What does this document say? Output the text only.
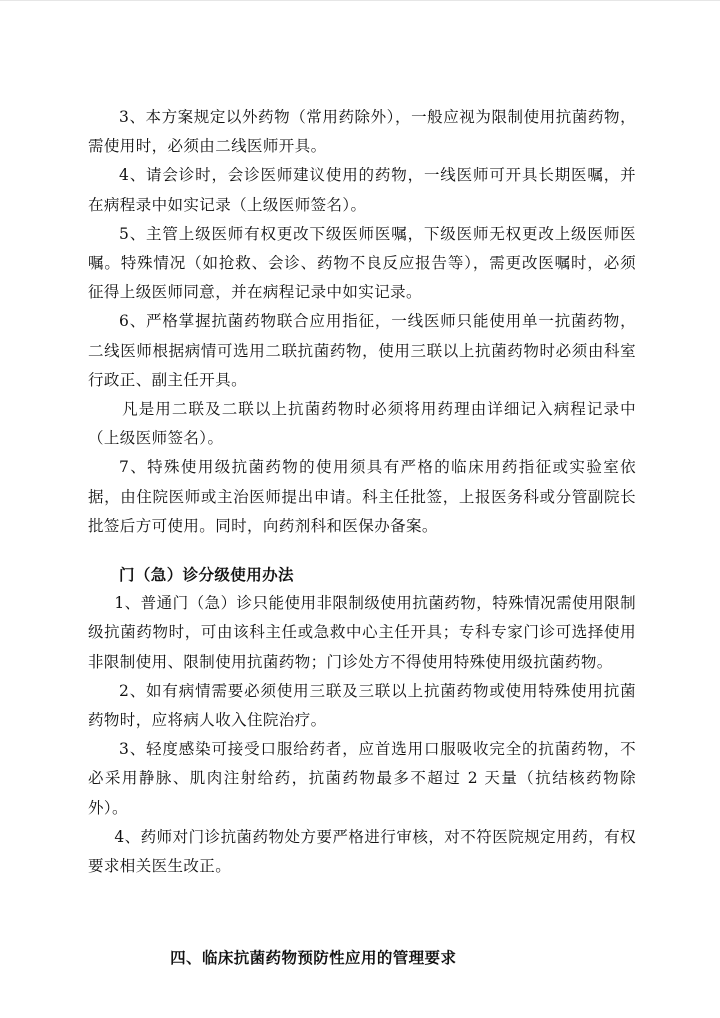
3、本方案规定以外药物（常用药除外），一般应视为限制使用抗菌药物，需使用时，必须由二线医师开具。

4、请会诊时，会诊医师建议使用的药物，一线医师可开具长期医嘱，并在病程录中如实记录（上级医师签名）。

5、主管上级医师有权更改下级医师医嘱，下级医师无权更改上级医师医嘱。特殊情况（如抢救、会诊、药物不良反应报告等），需更改医嘱时，必须征得上级医师同意，并在病程记录中如实记录。

6、严格掌握抗菌药物联合应用指征，一线医师只能使用单一抗菌药物，二线医师根据病情可选用二联抗菌药物，使用三联以上抗菌药物时必须由科室行政正、副主任开具。

凡是用二联及二联以上抗菌药物时必须将用药理由详细记入病程记录中（上级医师签名）。

7、特殊使用级抗菌药物的使用须具有严格的临床用药指征或实验室依据，由住院医师或主治医师提出申请。科主任批签，上报医务科或分管副院长批签后方可使用。同时，向药剂科和医保办备案。

门（急）诊分级使用办法

1、普通门（急）诊只能使用非限制级使用抗菌药物，特殊情况需使用限制级抗菌药物时，可由该科主任或急救中心主任开具；专科专家门诊可选择使用非限制使用、限制使用抗菌药物；门诊处方不得使用特殊使用级抗菌药物。

2、如有病情需要必须使用三联及三联以上抗菌药物或使用特殊使用抗菌药物时，应将病人收入住院治疗。

3、轻度感染可接受口服给药者，应首选用口服吸收完全的抗菌药物，不必采用静脉、肌肉注射给药，抗菌药物最多不超过 2 天量（抗结核药物除外）。

4、药师对门诊抗菌药物处方要严格进行审核，对不符医院规定用药，有权要求相关医生改正。

四、临床抗菌药物预防性应用的管理要求
